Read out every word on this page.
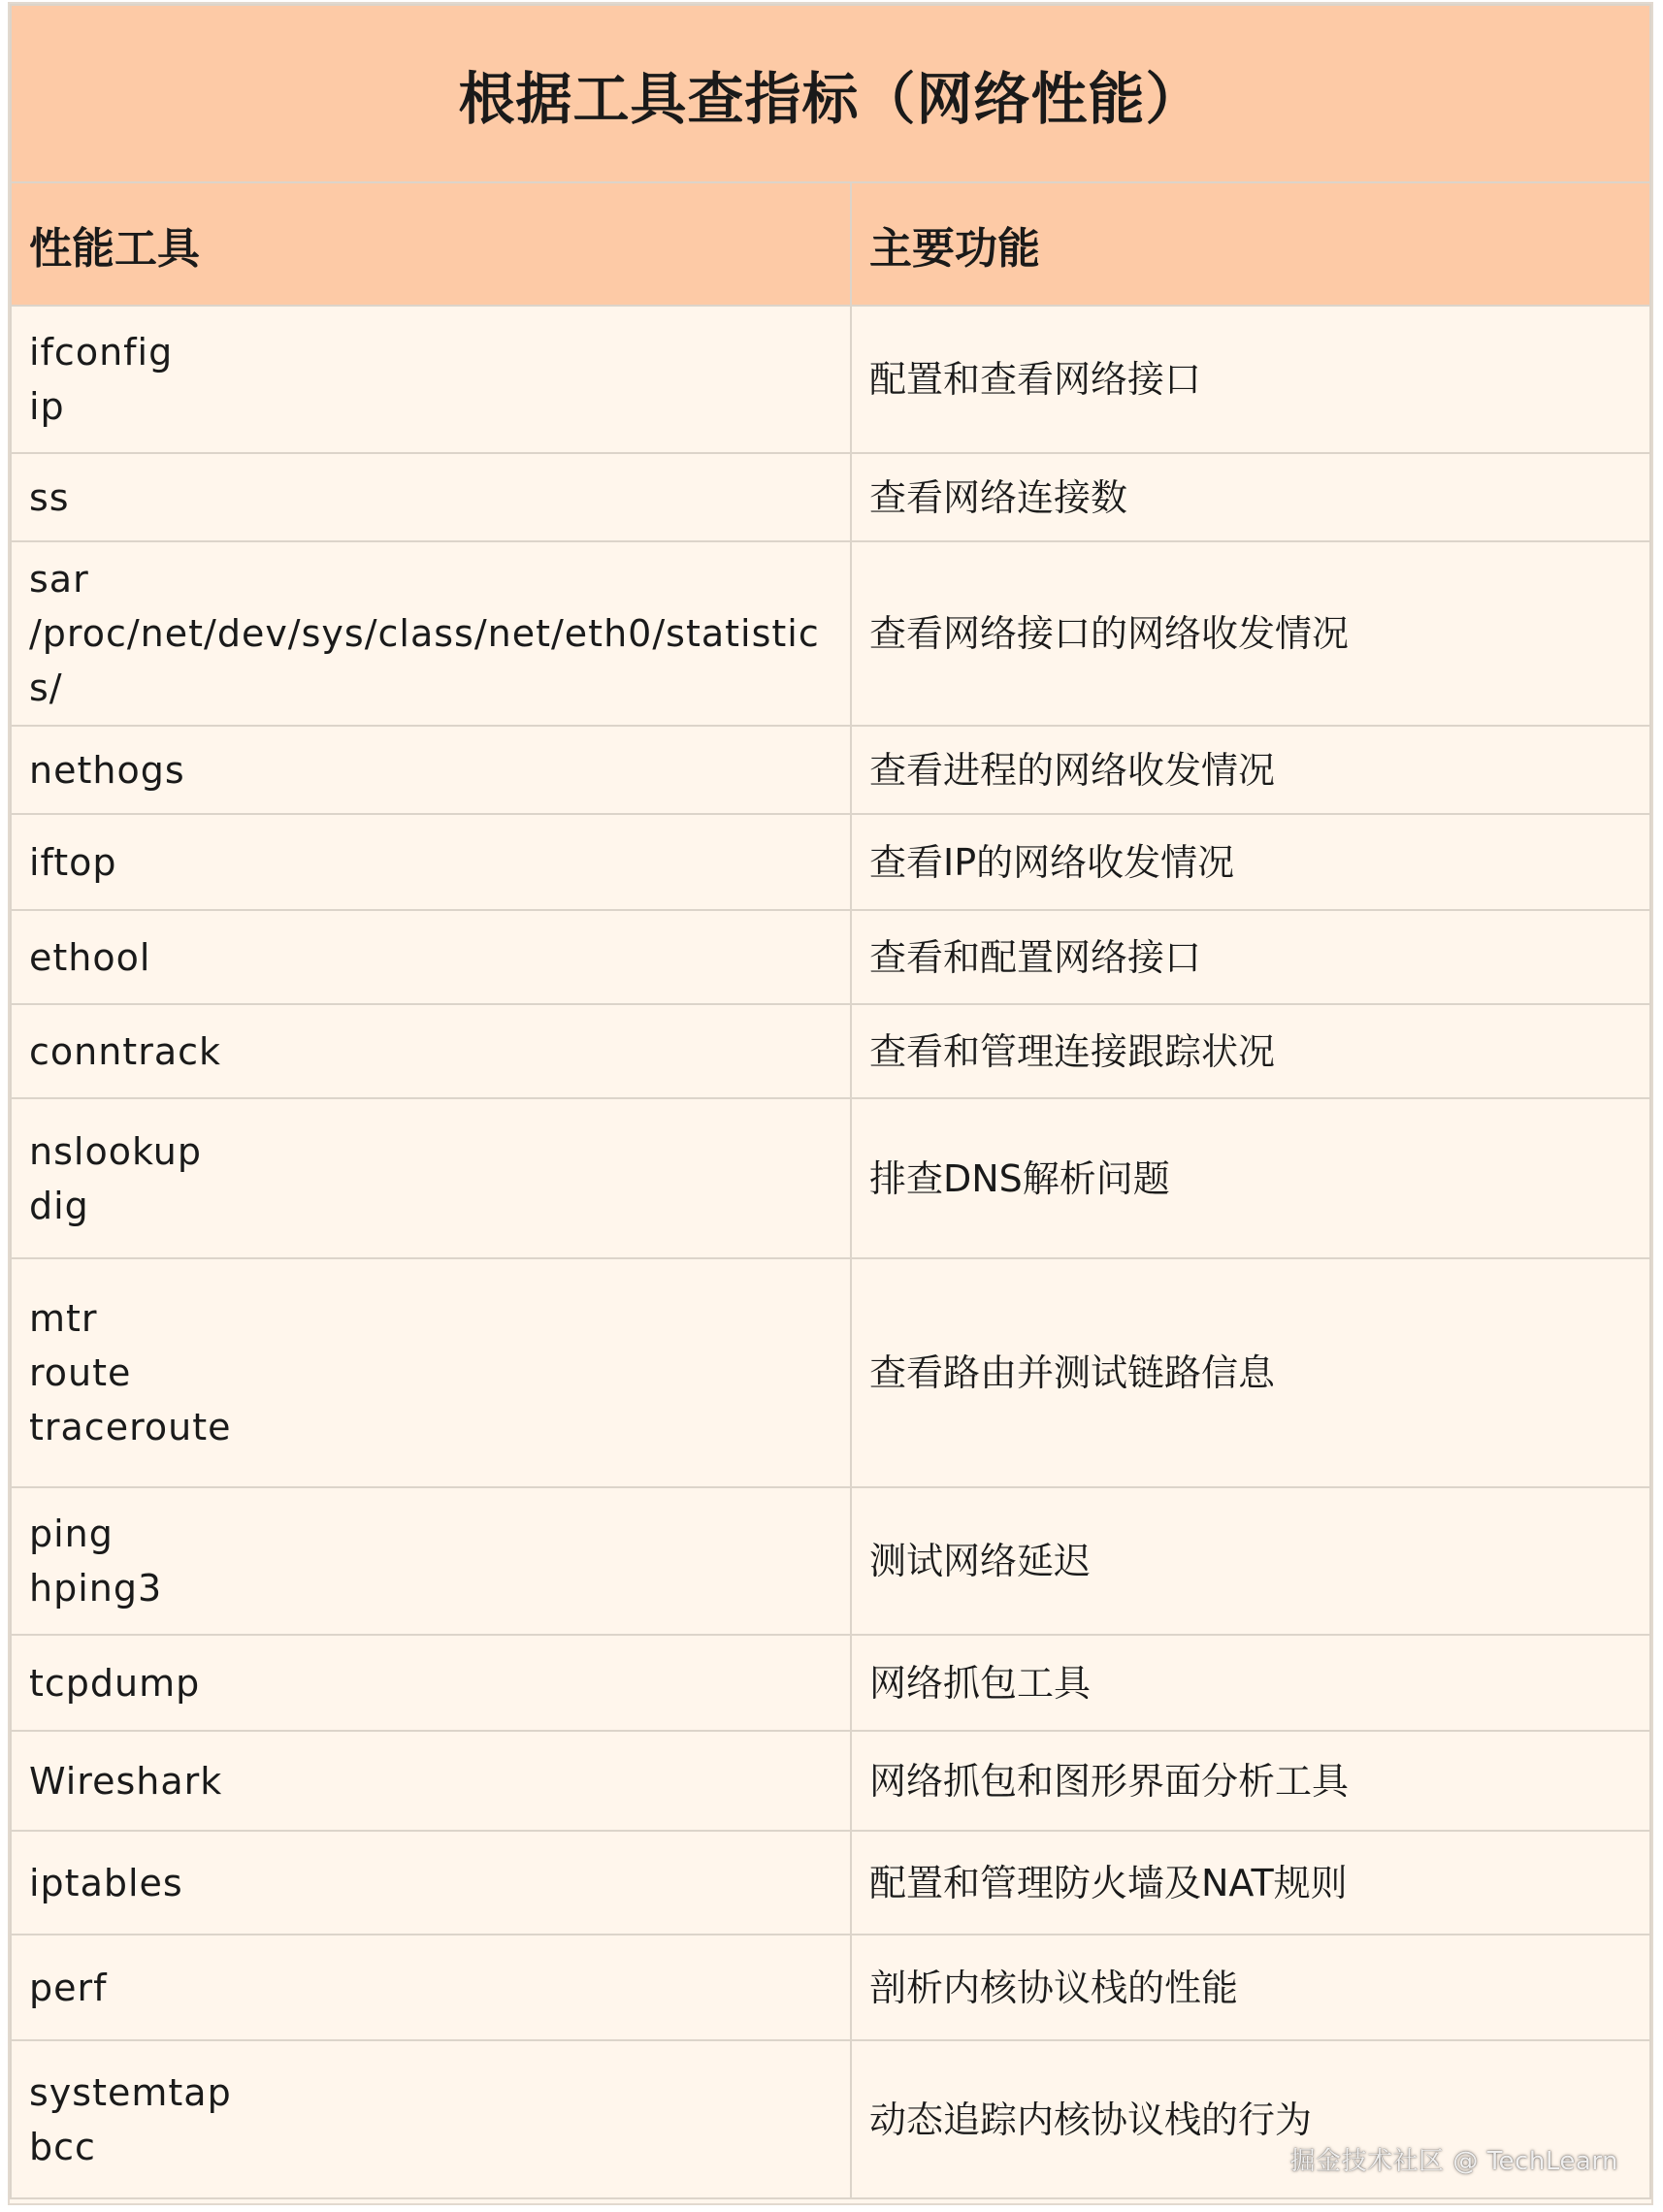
根据工具查指标（网络性能）	
性能工具	主要功能

ifconfig
ip	配置和查看网络接口

ss	查看网络连接数

sar
/proc/net/dev/sys/class/net/eth0/statistics/	查看网络接口的网络收发情况

nethogs	查看进程的网络收发情况

iftop	查看IP的网络收发情况

ethool	查看和配置网络接口

conntrack	查看和管理连接跟踪状况

nslookup
dig	排查DNS解析问题

mtr
route
traceroute	查看路由并测试链路信息

ping
hping3	测试网络延迟

tcpdump	网络抓包工具

Wireshark	网络抓包和图形界面分析工具

iptables	配置和管理防火墙及NAT规则

perf	剖析内核协议栈的性能

systemtap
bcc	动态追踪内核协议栈的行为
掘金技术社区 @ TechLearn
